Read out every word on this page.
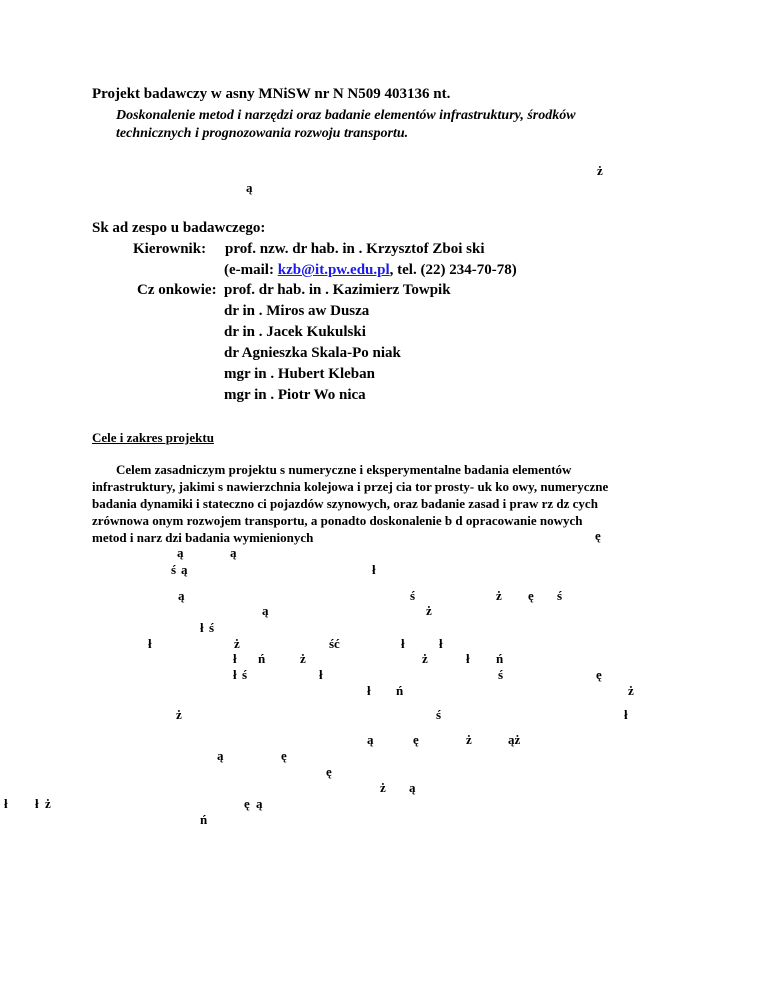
Projekt badawczy w asny MNiSW nr N N509 403136 nt.
Doskonalenie metod i narzędzi oraz badanie elementów infrastruktury, środków
technicznych i prognozowania rozwoju transportu.
ż
ą
Sk ad zespo u badawczego:
Kierownik: prof. nzw. dr hab. in . Krzysztof Zboi ski
(e-mail: kzb@it.pw.edu.pl, tel. (22) 234-70-78)
Cz onkowie: prof. dr hab. in . Kazimierz Towpik
dr in . Miros aw Dusza
dr in . Jacek Kukulski
dr Agnieszka Skala-Po niak
mgr in . Hubert Kleban
mgr in . Piotr Wo nica
Cele i zakres projektu
Celem zasadniczym projektu s numeryczne i eksperymentalne badania elementów
infrastruktury, jakimi s nawierzchnia kolejowa i przej cia tor prosty- uk ko owy, numeryczne
badania dynamiki i stateczno ci pojazdów szynowych, oraz badanie zasad i praw rz dz cych
zrównowa onym rozwojem transportu, a ponadto doskonalenie b d opracowanie nowych
metod i narz dzi badania wymienionych	ę
ą	ą
ś ą	ł
ą	ś	ż ę ś
ą	ż
ł ś
ł	ż	ść	ł	ł
ł ń	ż	ż	ł ń
ł ś	ł	ś	ę
ł ń	ż
ż	ś	ł
ą	ę	ż	ąż
ą	ę
ę
ż ą
ł ł ż	ę ą
ń
